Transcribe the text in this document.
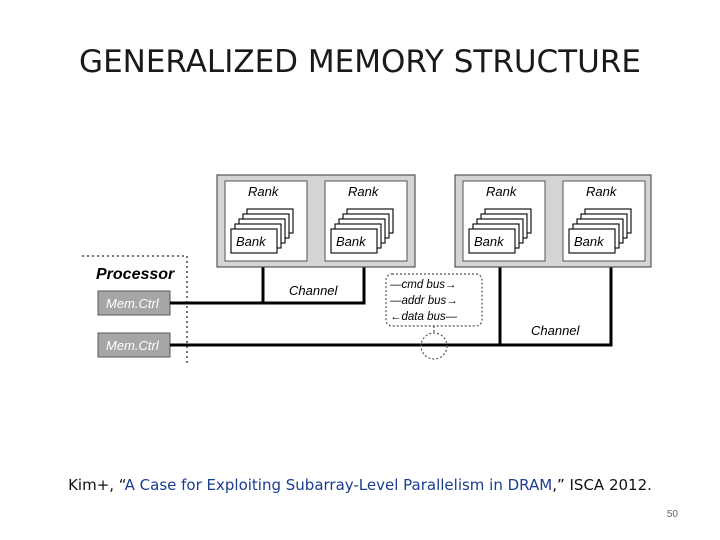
GENERALIZED MEMORY STRUCTURE
Processor
Mem.Ctrl
Mem.Ctrl
Channel
Channel
—cmd bus→
—addr bus→
←data bus—
Rank
Bank
Rank
Bank
Rank
Bank
Rank
Bank
Kim+, “A Case for Exploiting Subarray-Level Parallelism in DRAM,” ISCA 2012.
50
